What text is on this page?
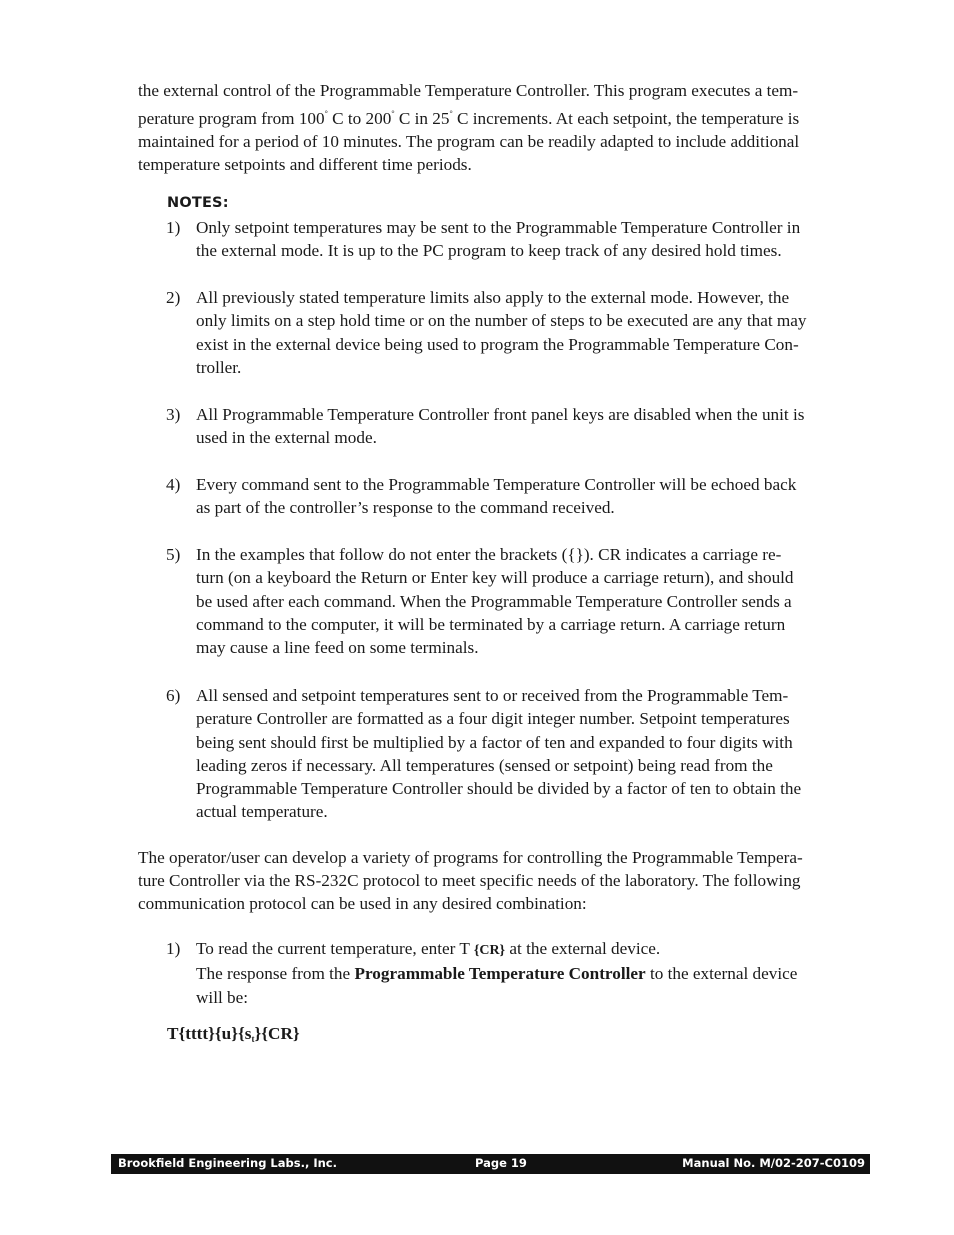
the external control of the Programmable Temperature Controller. This program executes a tem-
perature program from 100° C to 200° C in 25° C increments. At each setpoint, the temperature is
maintained for a period of 10 minutes. The program can be readily adapted to include additional
temperature setpoints and different time periods.

NOTES:
1) Only setpoint temperatures may be sent to the Programmable Temperature Controller in
the external mode. It is up to the PC program to keep track of any desired hold times.
2) All previously stated temperature limits also apply to the external mode. However, the
only limits on a step hold time or on the number of steps to be executed are any that may
exist in the external device being used to program the Programmable Temperature Con-
troller.
3) All Programmable Temperature Controller front panel keys are disabled when the unit is
used in the external mode.
4) Every command sent to the Programmable Temperature Controller will be echoed back
as part of the controller’s response to the command received.
5) In the examples that follow do not enter the brackets ({}). CR indicates a carriage re-
turn (on a keyboard the Return or Enter key will produce a carriage return), and should
be used after each command. When the Programmable Temperature Controller sends a
command to the computer, it will be terminated by a carriage return. A carriage return
may cause a line feed on some terminals.
6) All sensed and setpoint temperatures sent to or received from the Programmable Tem-
perature Controller are formatted as a four digit integer number. Setpoint temperatures
being sent should first be multiplied by a factor of ten and expanded to four digits with
leading zeros if necessary. All temperatures (sensed or setpoint) being read from the
Programmable Temperature Controller should be divided by a factor of ten to obtain the
actual temperature.

The operator/user can develop a variety of programs for controlling the Programmable Tempera-
ture Controller via the RS-232C protocol to meet specific needs of the laboratory. The following
communication protocol can be used in any desired combination:

1) To read the current temperature, enter T {CR} at the external device.
The response from the Programmable Temperature Controller to the external device
will be:
$T\{tttt\}\{u\}\{s_t\}\{CR\}$
Brookfield Engineering Labs., Inc.	Page 19	Manual No. M/02-207-C0109
